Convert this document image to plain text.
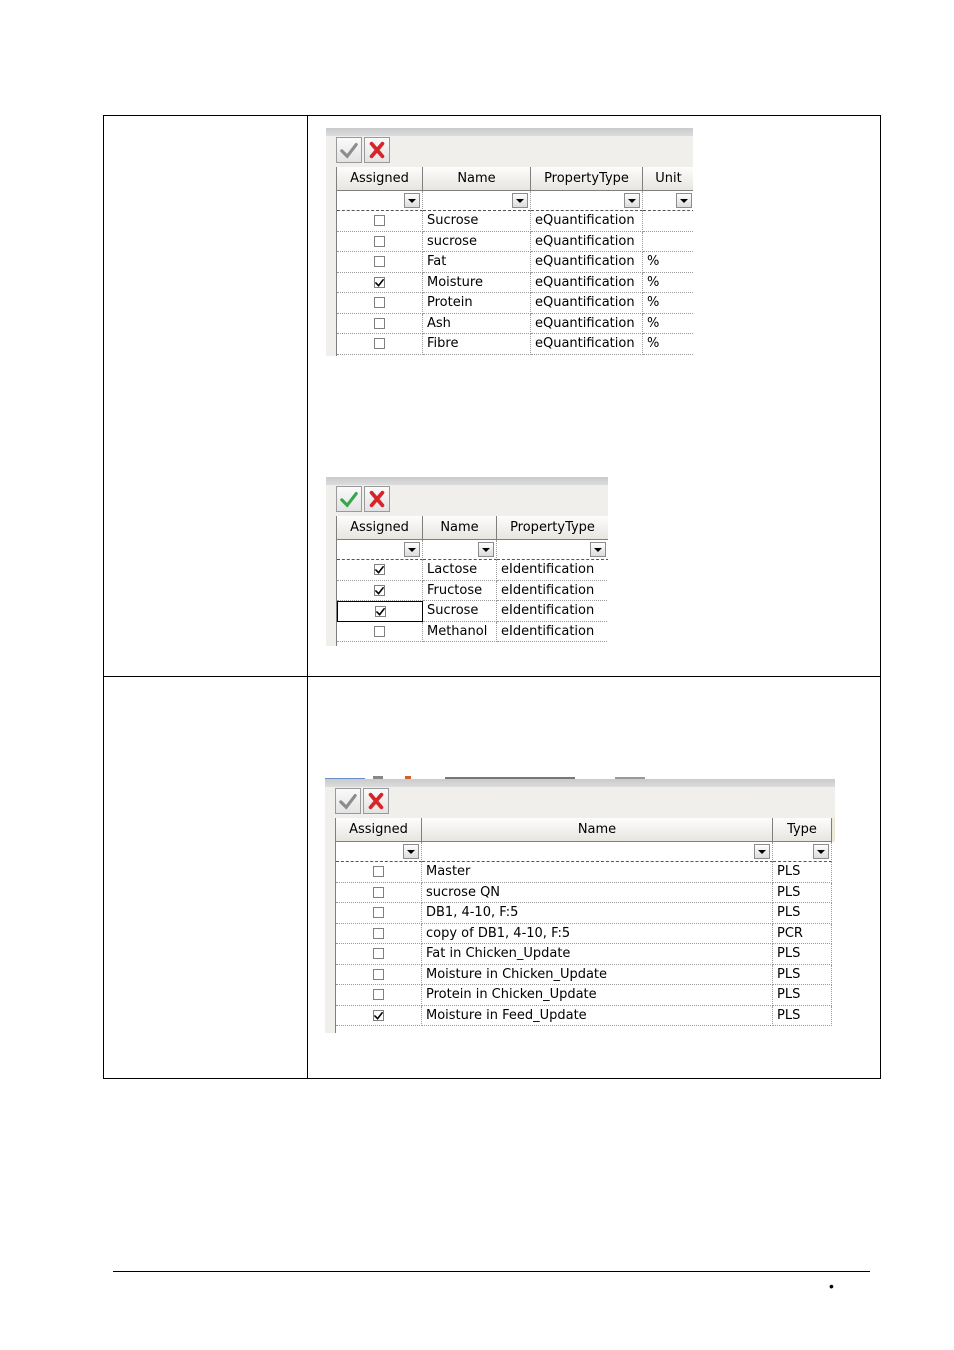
Assigned	Name	PropertyType	Unit
Sucrose	eQuantification
sucrose	eQuantification
Fat	eQuantification %
Moisture	eQuantification %
Protein	eQuantification %
Ash	eQuantification %
Fibre	eQuantification %
Assigned	Name	PropertyType
Lactose	eIdentification
Fructose	eIdentification
Sucrose	eIdentification
Methanol	eIdentification
Assigned	Name	Type
Master	PLS
sucrose QN	PLS
DB1, 4-10, F:5	PLS
copy of DB1, 4-10, F:5	PCR
Fat in Chicken_Update	PLS
Moisture in Chicken_Update	PLS
Protein in Chicken_Update	PLS
Moisture in Feed_Update	PLS
•
